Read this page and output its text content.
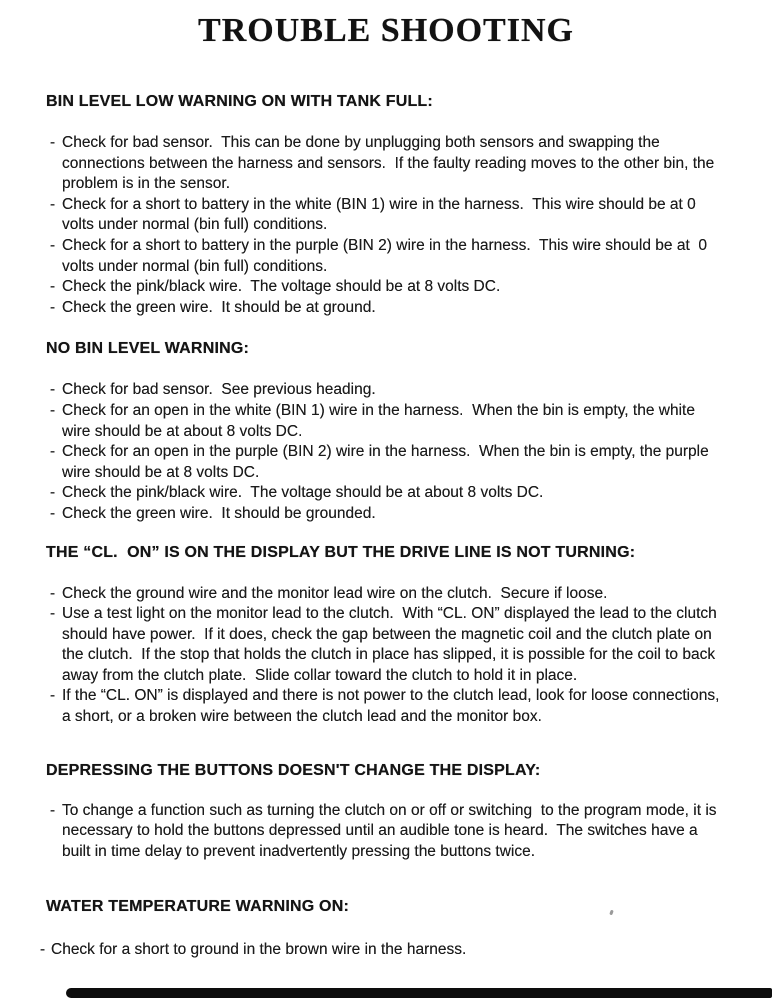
TROUBLE SHOOTING
BIN LEVEL LOW WARNING ON WITH TANK FULL:
- Check for bad sensor.  This can be done by unplugging both sensors and swapping the connections between the harness and sensors.  If the faulty reading moves to the other bin, the problem is in the sensor.
- Check for a short to battery in the white (BIN 1) wire in the harness.  This wire should be at 0 volts under normal (bin full) conditions.
- Check for a short to battery in the purple (BIN 2) wire in the harness.  This wire should be at  0 volts under normal (bin full) conditions.
- Check the pink/black wire.  The voltage should be at 8 volts DC.
- Check the green wire.  It should be at ground.
NO BIN LEVEL WARNING:
- Check for bad sensor.  See previous heading.
- Check for an open in the white (BIN 1) wire in the harness.  When the bin is empty, the white wire should be at about 8 volts DC.
- Check for an open in the purple (BIN 2) wire in the harness.  When the bin is empty, the purple wire should be at 8 volts DC.
- Check the pink/black wire.  The voltage should be at about 8 volts DC.
- Check the green wire.  It should be grounded.
THE “CL.  ON” IS ON THE DISPLAY BUT THE DRIVE LINE IS NOT TURNING:
- Check the ground wire and the monitor lead wire on the clutch.  Secure if loose.
- Use a test light on the monitor lead to the clutch.  With “CL. ON” displayed the lead to the clutch should have power.  If it does, check the gap between the magnetic coil and the clutch plate on the clutch.  If the stop that holds the clutch in place has slipped, it is possible for the coil to back away from the clutch plate.  Slide collar toward the clutch to hold it in place.
- If the “CL. ON” is displayed and there is not power to the clutch lead, look for loose connections, a short, or a broken wire between the clutch lead and the monitor box.
DEPRESSING THE BUTTONS DOESN'T CHANGE THE DISPLAY:
- To change a function such as turning the clutch on or off or switching  to the program mode, it is necessary to hold the buttons depressed until an audible tone is heard.  The switches have a built in time delay to prevent inadvertently pressing the buttons twice.
WATER TEMPERATURE WARNING ON:
- Check for a short to ground in the brown wire in the harness.
